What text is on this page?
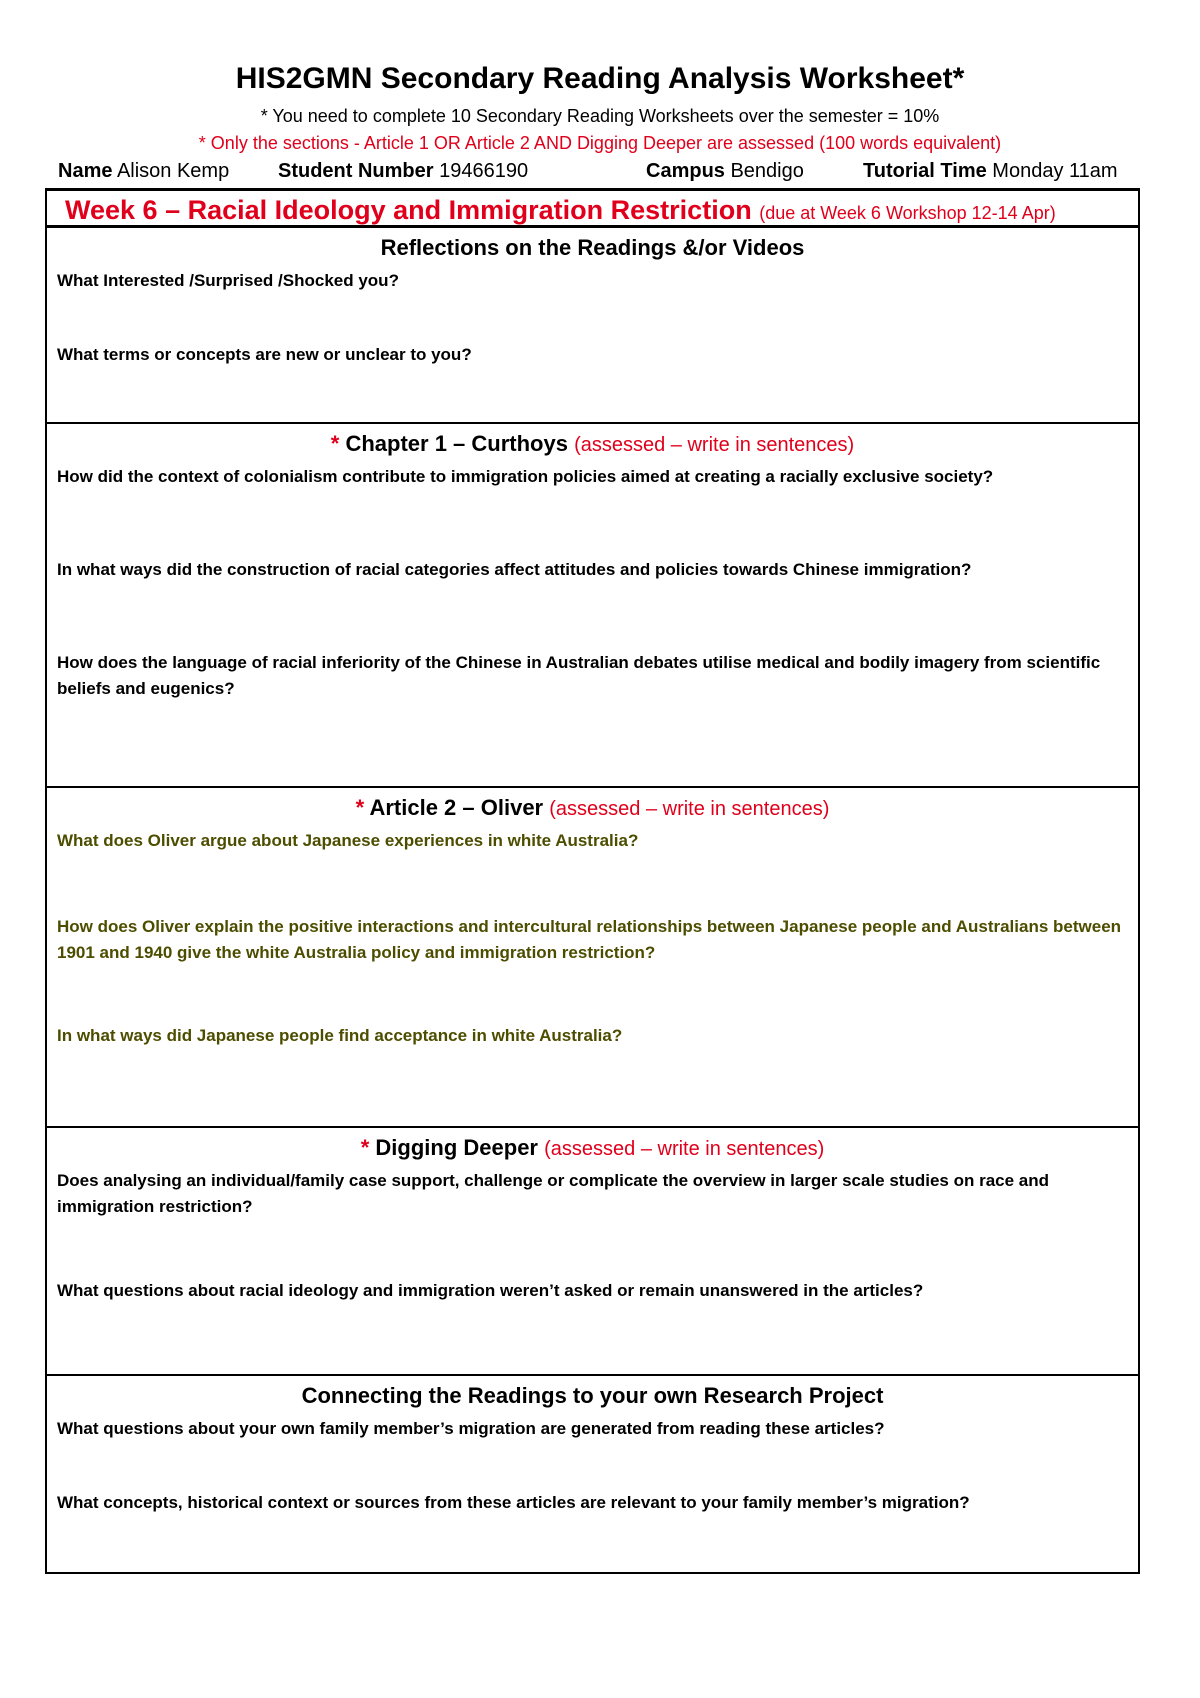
HIS2GMN Secondary Reading Analysis Worksheet*
* You need to complete 10 Secondary Reading Worksheets over the semester = 10%
* Only the sections - Article 1 OR Article 2 AND Digging Deeper are assessed (100 words equivalent)
Name Alison Kemp Student Number 19466190	Campus Bendigo	Tutorial Time Monday 11am
Week 6 – Racial Ideology and Immigration Restriction (due at Week 6 Workshop 12-14 Apr)
Reflections on the Readings &/or Videos
What Interested /Surprised /Shocked you?
What terms or concepts are new or unclear to you?
* Chapter 1 – Curthoys (assessed – write in sentences)
How did the context of colonialism contribute to immigration policies aimed at creating a racially exclusive society?
In what ways did the construction of racial categories affect attitudes and policies towards Chinese immigration?
How does the language of racial inferiority of the Chinese in Australian debates utilise medical and bodily imagery from scientific beliefs and eugenics?
* Article 2 – Oliver (assessed – write in sentences)
What does Oliver argue about Japanese experiences in white Australia?
How does Oliver explain the positive interactions and intercultural relationships between Japanese people and Australians between 1901 and 1940 give the white Australia policy and immigration restriction?
In what ways did Japanese people find acceptance in white Australia?
* Digging Deeper (assessed – write in sentences)
Does analysing an individual/family case support, challenge or complicate the overview in larger scale studies on race and immigration restriction?
What questions about racial ideology and immigration weren’t asked or remain unanswered in the articles?
Connecting the Readings to your own Research Project
What questions about your own family member’s migration are generated from reading these articles?
What concepts, historical context or sources from these articles are relevant to your family member’s migration?
